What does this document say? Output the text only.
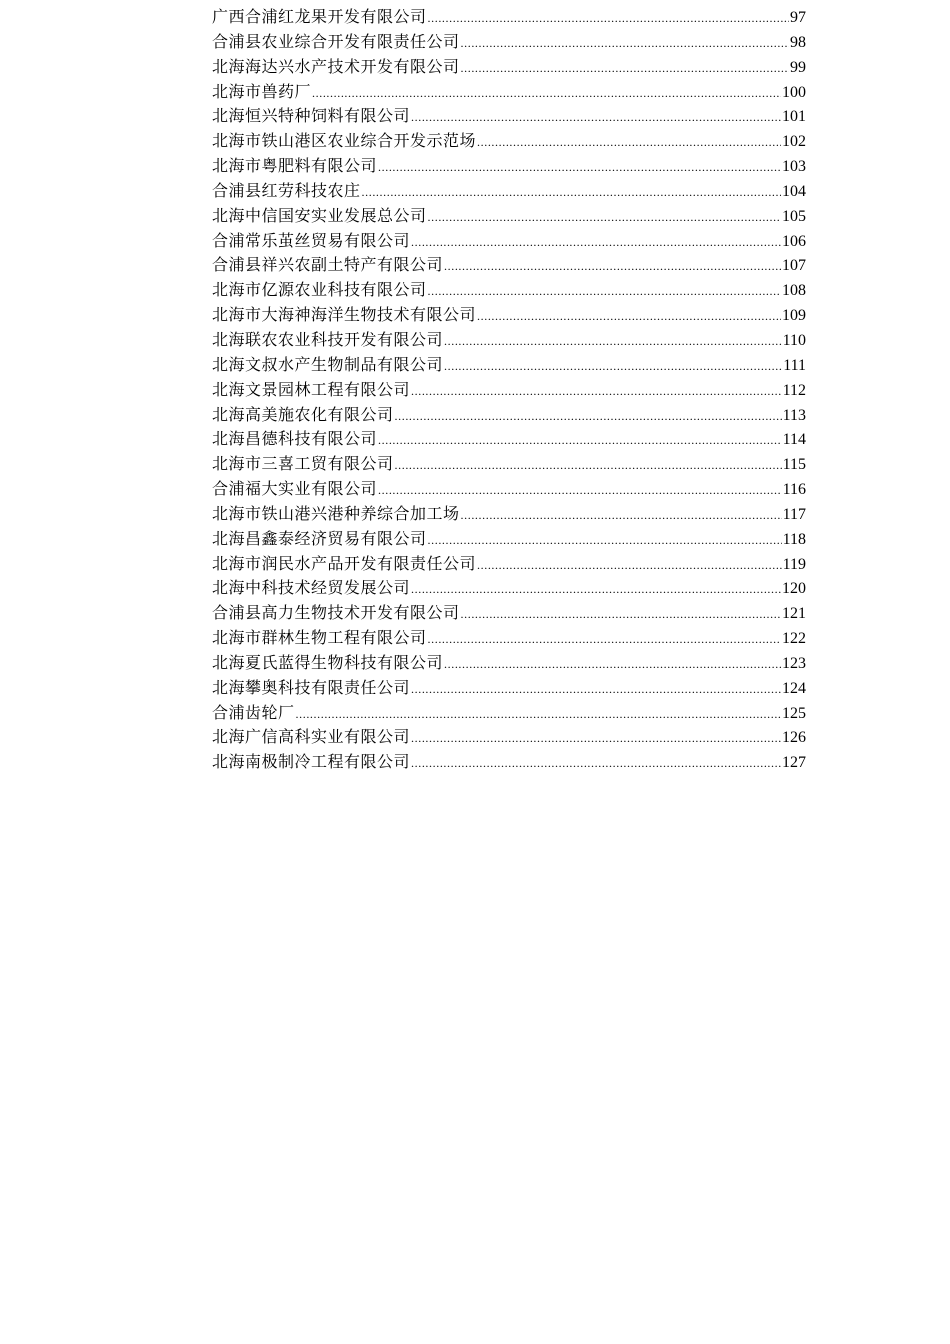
广西合浦红龙果开发有限公司 .....	97
合浦县农业综合开发有限责任公司 .....	98
北海海达兴水产技术开发有限公司 .....	99
北海市兽药厂 .....	100
北海恒兴特种饲料有限公司 .....	101
北海市铁山港区农业综合开发示范场 .....	102
北海市粤肥料有限公司 .....	103
合浦县红劳科技农庄 .....	104
北海中信国安实业发展总公司 .....	105
合浦常乐茧丝贸易有限公司 .....	106
合浦县祥兴农副土特产有限公司 .....	107
北海市亿源农业科技有限公司 .....	108
北海市大海神海洋生物技术有限公司 .....	109
北海联农农业科技开发有限公司 .....	110
北海文叔水产生物制品有限公司 .....	111
北海文景园林工程有限公司 .....	112
北海高美施农化有限公司 .....	113
北海昌德科技有限公司 .....	114
北海市三喜工贸有限公司 .....	115
合浦福大实业有限公司 .....	116
北海市铁山港兴港种养综合加工场 .....	117
北海昌鑫泰经济贸易有限公司 .....	118
北海市润民水产品开发有限责任公司 .....	119
北海中科技术经贸发展公司 .....	120
合浦县高力生物技术开发有限公司 .....	121
北海市群林生物工程有限公司 .....	122
北海夏氏蓝得生物科技有限公司 .....	123
北海攀奥科技有限责任公司 .....	124
合浦齿轮厂 .....	125
北海广信高科实业有限公司 .....	126
北海南极制冷工程有限公司 .....	127
